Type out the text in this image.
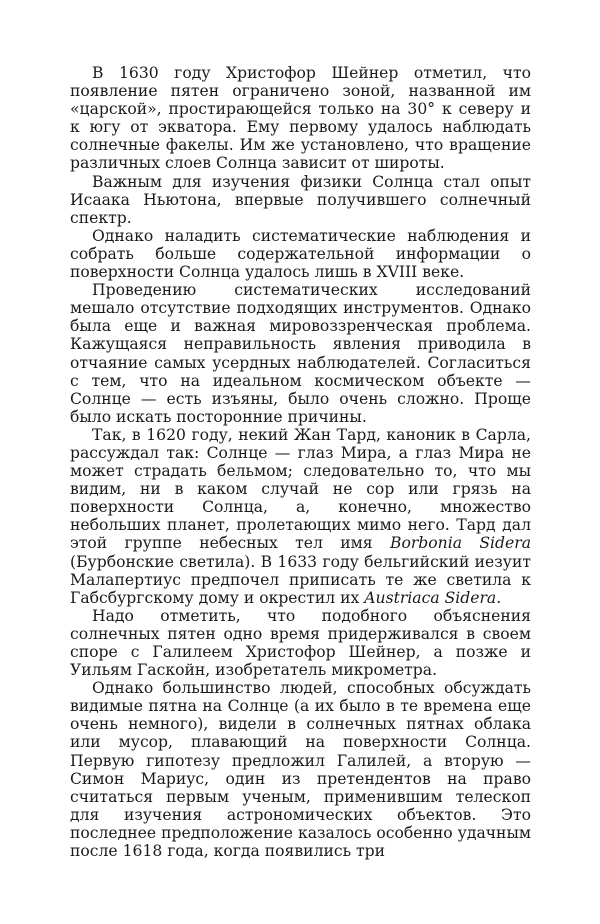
В 1630 году Христофор Шейнер отметил, что появление пятен ограничено зоной, названной им «царской», простирающейся только на 30° к северу и к югу от экватора. Ему первому удалось наблюдать солнечные факелы. Им же установлено, что вращение различных слоев Солнца зависит от широты.

Важным для изучения физики Солнца стал опыт Исаака Ньютона, впервые получившего солнечный спектр.

Однако наладить систематические наблюдения и собрать больше содержательной информации о поверхности Солнца удалось лишь в XVIII веке.

Проведению систематических исследований мешало отсутствие подходящих инструментов. Однако была еще и важная мировоззренческая проблема. Кажущаяся неправильность явления приводила в отчаяние самых усердных наблюдателей. Согласиться с тем, что на идеальном космическом объекте — Солнце — есть изъяны, было очень сложно. Проще было искать посторонние причины.

Так, в 1620 году, некий Жан Тард, каноник в Сарла, рассуждал так: Солнце — глаз Мира, а глаз Мира не может страдать бельмом; следовательно то, что мы видим, ни в каком случай не сор или грязь на поверхности Солнца, а, конечно, множество небольших планет, пролетающих мимо него. Тард дал этой группе небесных тел имя Borbonia Sidera (Бурбонские светила). В 1633 году бельгийский иезуит Малапертиус предпочел приписать те же светила к Габсбургскому дому и окрестил их Austriaca Sidera.

Надо отметить, что подобного объяснения солнечных пятен одно время придерживался в своем споре с Галилеем Христофор Шейнер, а позже и Уильям Гаскойн, изобретатель микрометра.

Однако большинство людей, способных обсуждать видимые пятна на Солнце (а их было в те времена еще очень немного), видели в солнечных пятнах облака или мусор, плавающий на поверхности Солнца. Первую гипотезу предложил Галилей, а вторую — Симон Мариус, один из претендентов на право считаться первым ученым, применившим телескоп для изучения астрономических объектов. Это последнее предположение казалось особенно удачным после 1618 года, когда появились три
